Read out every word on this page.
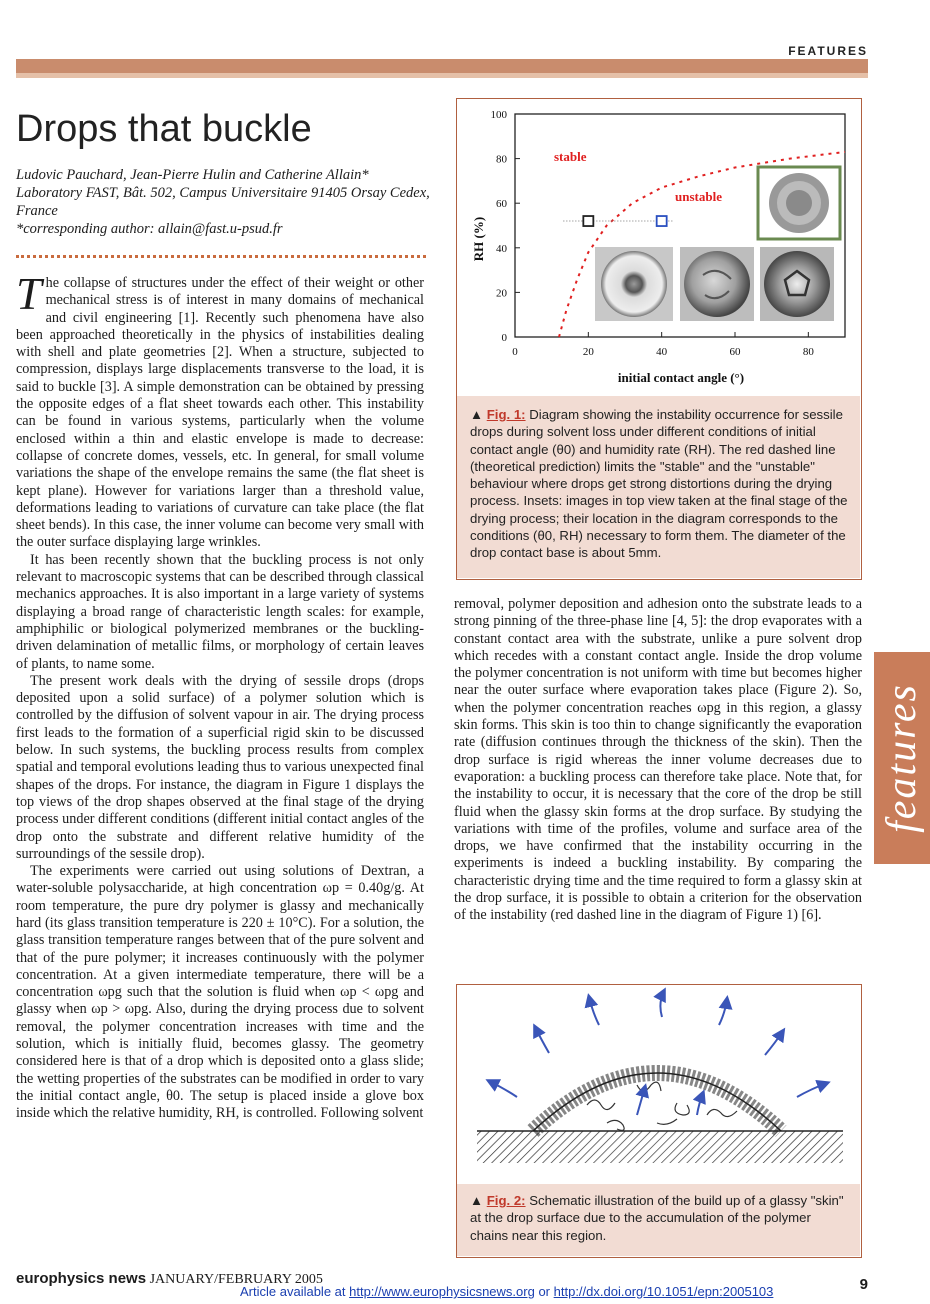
FEATURES
Drops that buckle
Ludovic Pauchard, Jean-Pierre Hulin and Catherine Allain*
Laboratory FAST, Bât. 502, Campus Universitaire 91405 Orsay Cedex, France
*corresponding author: allain@fast.u-psud.fr

The collapse of structures under the effect of their weight or other mechanical stress is of interest in many domains of mechanical and civil engineering [1]. Recently such phenomena have also been approached theoretically in the physics of instabilities dealing with shell and plate geometries [2]. When a structure, subjected to compression, displays large displacements transverse to the load, it is said to buckle [3]. A simple demonstration can be obtained by pressing the opposite edges of a flat sheet towards each other. This instability can be found in various systems, particularly when the volume enclosed within a thin and elastic envelope is made to decrease: collapse of concrete domes, vessels, etc. In general, for small volume variations the shape of the envelope remains the same (the flat sheet is kept plane). However for variations larger than a threshold value, deformations leading to variations of curvature can take place (the flat sheet bends). In this case, the inner volume can become very small with the outer surface displaying large wrinkles.

It has been recently shown that the buckling process is not only relevant to macroscopic systems that can be described through classical mechanics approaches. It is also important in a large variety of systems displaying a broad range of characteristic length scales: for example, amphiphilic or biological polymerized membranes or the buckling-driven delamination of metallic films, or morphology of certain leaves of plants, to name some.

The present work deals with the drying of sessile drops (drops deposited upon a solid surface) of a polymer solution which is controlled by the diffusion of solvent vapour in air. The drying process first leads to the formation of a superficial rigid skin to be discussed below. In such systems, the buckling process results from complex spatial and temporal evolutions leading thus to various unexpected final shapes of the drops. For instance, the diagram in Figure 1 displays the top views of the drop shapes observed at the final stage of the drying process under different conditions (different initial contact angles of the drop onto the substrate and different relative humidity of the surroundings of the sessile drop).

The experiments were carried out using solutions of Dextran, a water-soluble polysaccharide, at high concentration ωp = 0.40g/g. At room temperature, the pure dry polymer is glassy and mechanically hard (its glass transition temperature is 220 ± 10°C). For a solution, the glass transition temperature ranges between that of the pure solvent and that of the pure polymer; it increases continuously with the polymer concentration. At a given intermediate temperature, there will be a concentration ωpg such that the solution is fluid when ωp < ωpg and glassy when ωp > ωpg. Also, during the drying process due to solvent removal, the polymer concentration increases with time and the solution, which is initially fluid, becomes glassy. The geometry considered here is that of a drop which is deposited onto a glass slide; the wetting properties of the substrates can be modified in order to vary the initial contact angle, θ0. The setup is placed inside a glove box inside which the relative humidity, RH, is controlled. Following solvent

0	20	40	60	80
0
20
40
60
80
100
stable
unstable
initial contact angle (°)
RH (%)
▲ Fig. 1: Diagram showing the instability occurrence for sessile drops during solvent loss under different conditions of initial contact angle (θ0) and humidity rate (RH). The red dashed line (theoretical prediction) limits the "stable" and the "unstable" behaviour where drops get strong distortions during the drying process. Insets: images in top view taken at the final stage of the drying process; their location in the diagram corresponds to the conditions (θ0, RH) necessary to form them. The diameter of the drop contact base is about 5mm.

removal, polymer deposition and adhesion onto the substrate leads to a strong pinning of the three-phase line [4, 5]: the drop evaporates with a constant contact area with the substrate, unlike a pure solvent drop which recedes with a constant contact angle. Inside the drop volume the polymer concentration is not uniform with time but becomes higher near the outer surface where evaporation takes place (Figure 2). So, when the polymer concentration reaches ωpg in this region, a glassy skin forms. This skin is too thin to change significantly the evaporation rate (diffusion continues through the thickness of the skin). Then the drop surface is rigid whereas the inner volume decreases due to evaporation: a buckling process can therefore take place. Note that, for the instability to occur, it is necessary that the core of the drop be still fluid when the glassy skin forms at the drop surface. By studying the variations with time of the profiles, volume and surface area of the drops, we have confirmed that the instability occurring in the experiments is indeed a buckling instability. By comparing the characteristic drying time and the time required to form a glassy skin at the drop surface, it is possible to obtain a criterion for the observation of the instability (red dashed line in the diagram of Figure 1) [6].

▲ Fig. 2: Schematic illustration of the build up of a glassy "skin" at the drop surface due to the accumulation of the polymer chains near this region.
features
europhysics news JANUARY/FEBRUARY 2005	9
Article available at http://www.europhysicsnews.org or http://dx.doi.org/10.1051/epn:2005103
